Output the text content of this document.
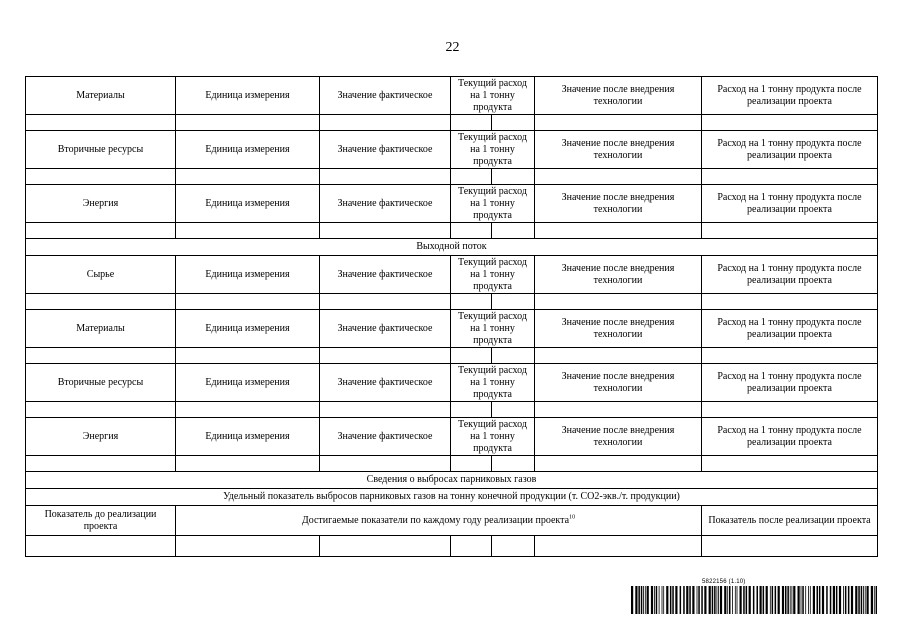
22
Материалы	Единица измерения	Значение фактическое	Текущий расход на 1 тонну продукта		Значение после внедрения технологии	Расход на 1 тонну продукта после реализации проекта

Вторичные ресурсы	Единица измерения	Значение фактическое	Текущий расход на 1 тонну продукта		Значение после внедрения технологии	Расход на 1 тонну продукта после реализации проекта

Энергия	Единица измерения	Значение фактическое	Текущий расход на 1 тонну продукта		Значение после внедрения технологии	Расход на 1 тонну продукта после реализации проекта

Выходной поток						
Сырье	Единица измерения	Значение фактическое	Текущий расход на 1 тонну продукта		Значение после внедрения технологии	Расход на 1 тонну продукта после реализации проекта

Материалы	Единица измерения	Значение фактическое	Текущий расход на 1 тонну продукта		Значение после внедрения технологии	Расход на 1 тонну продукта после реализации проекта

Вторичные ресурсы	Единица измерения	Значение фактическое	Текущий расход на 1 тонну продукта		Значение после внедрения технологии	Расход на 1 тонну продукта после реализации проекта

Энергия	Единица измерения	Значение фактическое	Текущий расход на 1 тонну продукта		Значение после внедрения технологии	Расход на 1 тонну продукта после реализации проекта

Сведения о выбросах парниковых газов						
Удельный показатель выбросов парниковых газов на тонну конечной продукции (т. СО2-экв./т. продукции)						
Показатель до реализации проекта	Достигаемые показатели по каждому году реализации проекта$^{10}$					Показатель после реализации проекта

5822156 (1.10)
